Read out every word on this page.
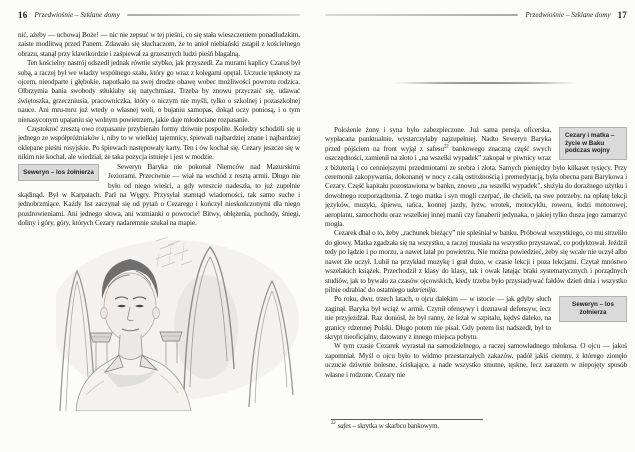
16 Przedwiośnie – Szklane domy

nić, ażeby — uchowaj Boże! — nic nie zepsuć w tej pieśni, co się stała wieszczeniem ponadludzkim, zaiste modlitwą przed Panem. Zdawało się słuchaczom, że to anioł niebiański zstąpił z kościelnego obrazu, stanął przy klawikordzie i zaśpiewał za grzesznych ludzi pieśń błagalną.

Ten kościelny nastrój odszedł jednak równie szybko, jak przyszedł. Za murami kaplicy Czaruś był sobą, a raczej był we władzy wspólnego szału, który go wraz z kolegami opętał. Uczucie tęsknoty za ojcem, nieodparte i głębokie, napotkało na swej drodze obawę wobec możliwości powrotu rodzica. Olbrzymia bania swobody stłukłaby się natychmiast. Trzeba by znowu przyczaić się, udawać świętoszka, grzeczniusia, pracowniczka, który o niczym nie myśli, tylko o szkolnej i pozaszkolnej nauce. Ani mru-mru już wtedy o własnej woli, o bujaniu samopas, dokąd oczy poniosą, i o tym nienasyconym upajaniu się wolnym powietrzem, jakie daje młodociane rozpasanie.

Częstokroć zresztą owo rozpasanie przybierało formy dziwnie pospolite. Koledzy schodzili się u jednego ze współpróżniaków i, niby to w wielkiej tajemnicy, śpiewali najbardziej znane i najbardziej oklepane pieśni rosyjskie. Po śpiewach następowały karty. Ten i ów kochał się. Cezary jeszcze się w nikim nie kochał, ale wiedział, że taka pozycja istnieje i jest w modzie.

Seweryn – los żołnierza
Seweryn Baryka nie pokonał Niemców nad Mazurskimi Jeziorami. Przeciwnie — wiał na wschód z resztą armii. Długo nie było od niego wieści, a gdy wreszcie nadeszła, to już zupełnie skądinąd. Był w Karpatach. Parł na Węgry. Przysyłał stamtąd wiadomości, tak samo suche i jednobrzmiące. Każdy list zaczynał się od pytań o Cezarego i kończył nieskończonymi dla niego pozdrowieniami. Ani jednego słowa, ani wzmianki o powrocie! Bitwy, oblężenia, pochody, śniegi, doliny i góry, góry, których Cezary nadaremnie szukał na mapie.

Przedwiośnie – Szklane domy 17

Cezary i matka – życie w Baku podczas wojny
Położenie żony i syna było zabezpieczone. Już sama pensja oficerska, wypłacana punktualnie, wystarczyłaby najzupełniej. Nadto Seweryn Baryka przed pójściem na front wyjął z safesu$^{22}$ bankowego znaczną część swych oszczędności, zamienił na złoto i „na wszelki wypadek” zakopał w piwnicy wraz z biżuterią i co cenniejszymi przedmiotami ze srebra i złota. Samych pieniędzy było kilkaset tysięcy. Przy ceremonii zakopywania, dokonanej w nocy z całą ostrożnością i premedytacją, była obecna pani Barykowa i Cezary. Część kapitału pozostawiona w banku, znowu „na wszelki wypadek”, służyła do doraźnego użytku i dowolnego rozporządzenia. Z tego matka i syn mogli czerpać, ile chcieli, na swe potrzeby, na opłatę lekcji języków, muzyki, śpiewu, tańca, konnej jazdy, łyżw, wrotek, motocyklu, roweru, łodzi motorowej, aeroplanu, samochodu oraz wszelkiej innej manii czy fanaberii jedynaka, o jakiej tylko dusza jego zamarzyć mogła.

Cezarek dbał o to, żeby „rachunek bieżący” nie spleśniał w banku. Próbował wszystkiego, co mu strzeliło do głowy. Matka zgadzała się na wszystko, a raczej musiała na wszystko przystawać, co podyktował. Jeździł tedy po lądzie i po morzu, a nawet latał po powietrzu. Nie można powiedzieć, żeby się wcale nie uczył albo nawet źle uczył. Lubił na przykład muzykę i grał dużo, w czasie lekcji i poza lekcjami. Czytał mnóstwo wszelakich książek. Przechodził z klasy do klasy, tak i owak łatając braki systematycznych i porządnych studiów, jak to bywało za czasów ojcowskich, kiedy trzeba było przysiadywać fałdów dzień dnia i wszystko pilnie odrabiać do ostatniego udarienija.

Seweryn – los żołnierza
Po roku, dwu, trzech latach, o ojcu dalekim — w istocie — jak gdyby słuch zaginął. Baryka był wciąż w armii. Czynił ofensywy i doznawał defensyw, lecz nie przyjeżdżał. Raz doniósł, że był ranny, że leżał w szpitalu, kędyś daleko, na granicy rdzennej Polski. Długo potem nie pisał. Gdy potem list nadszedł, był to skrypt nieoficjalny, datowany z innego miejsca pobytu.

W tym czasie Cezarek wyrastał na samodzielnego, a raczej samowładnego młokosa. O ojcu — jakoś zapomniał. Myśl o ojcu było to widmo przestarzałych zakazów, padół jakiś ciemny, z którego zionęło uczucie dziwnie bolesne, ściskające, a nade wszystko smutne, tęskne, lecz zarazem w niepojęty sposób własne i rodzone. Cezary nie

$^{22}$ safes – skrytka w skarbcu bankowym.
